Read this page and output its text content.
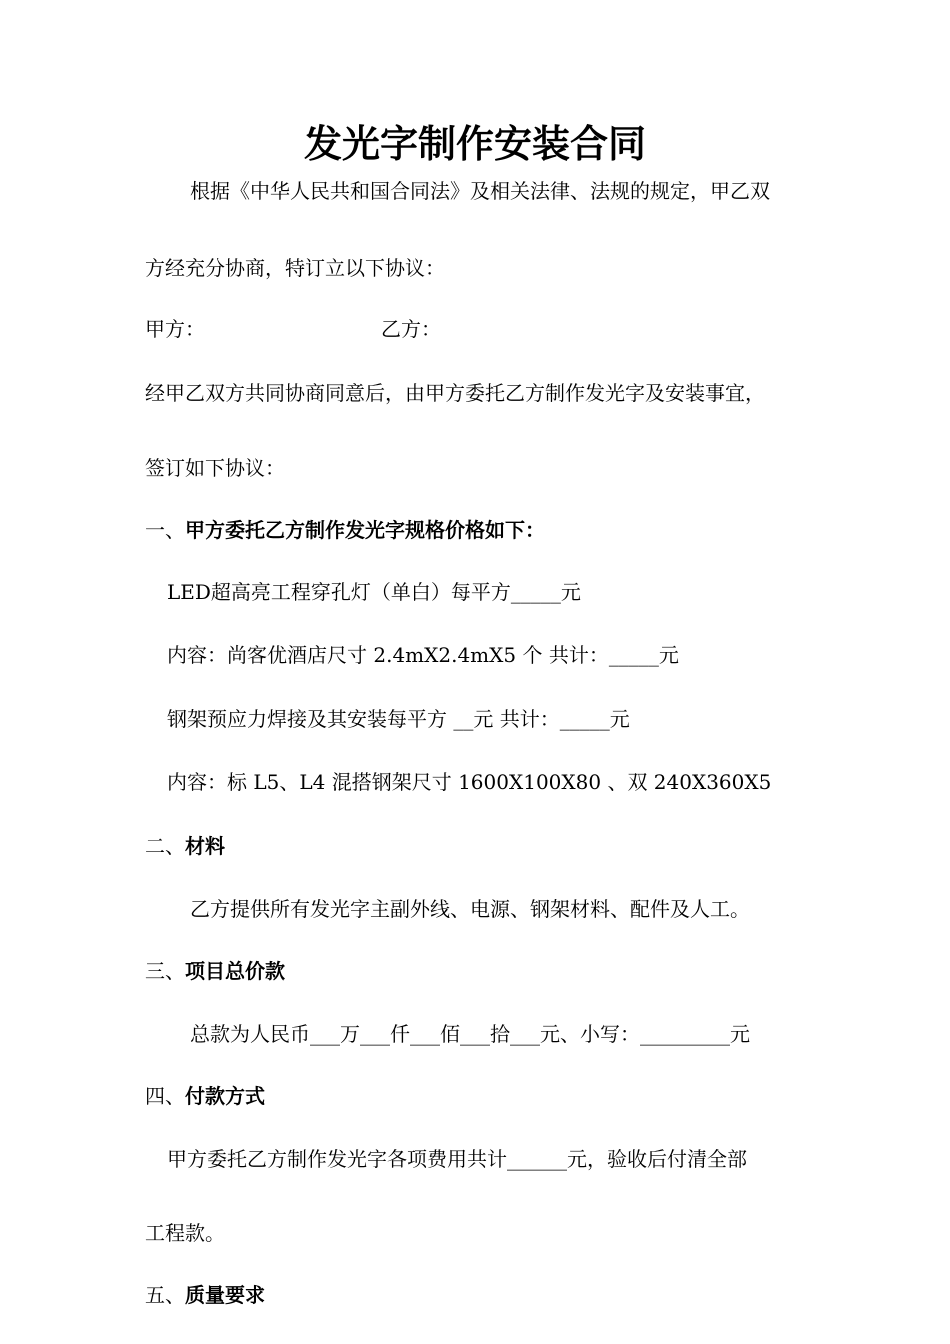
发光字制作安装合同
根据《中华人民共和国合同法》及相关法律、法规的规定，甲乙双
方经充分协商，特订立以下协议：
甲方：	乙方：
经甲乙双方共同协商同意后，由甲方委托乙方制作发光字及安装事宜，
签订如下协议：
一、甲方委托乙方制作发光字规格价格如下：
LED超高亮工程穿孔灯（单白）每平方_____元
内容：尚客优酒店尺寸 2.4mX2.4mX5 个 共计：_____元
钢架预应力焊接及其安装每平方 __元 共计：_____元
内容：标 L5、L4 混搭钢架尺寸 1600X100X80 、双 240X360X5
二、材料
乙方提供所有发光字主副外线、电源、钢架材料、配件及人工。
三、项目总价款
总款为人民币___万___仟___佰___拾___元、小写：_________元
四、付款方式
甲方委托乙方制作发光字各项费用共计______元，验收后付清全部
工程款。
五、质量要求
